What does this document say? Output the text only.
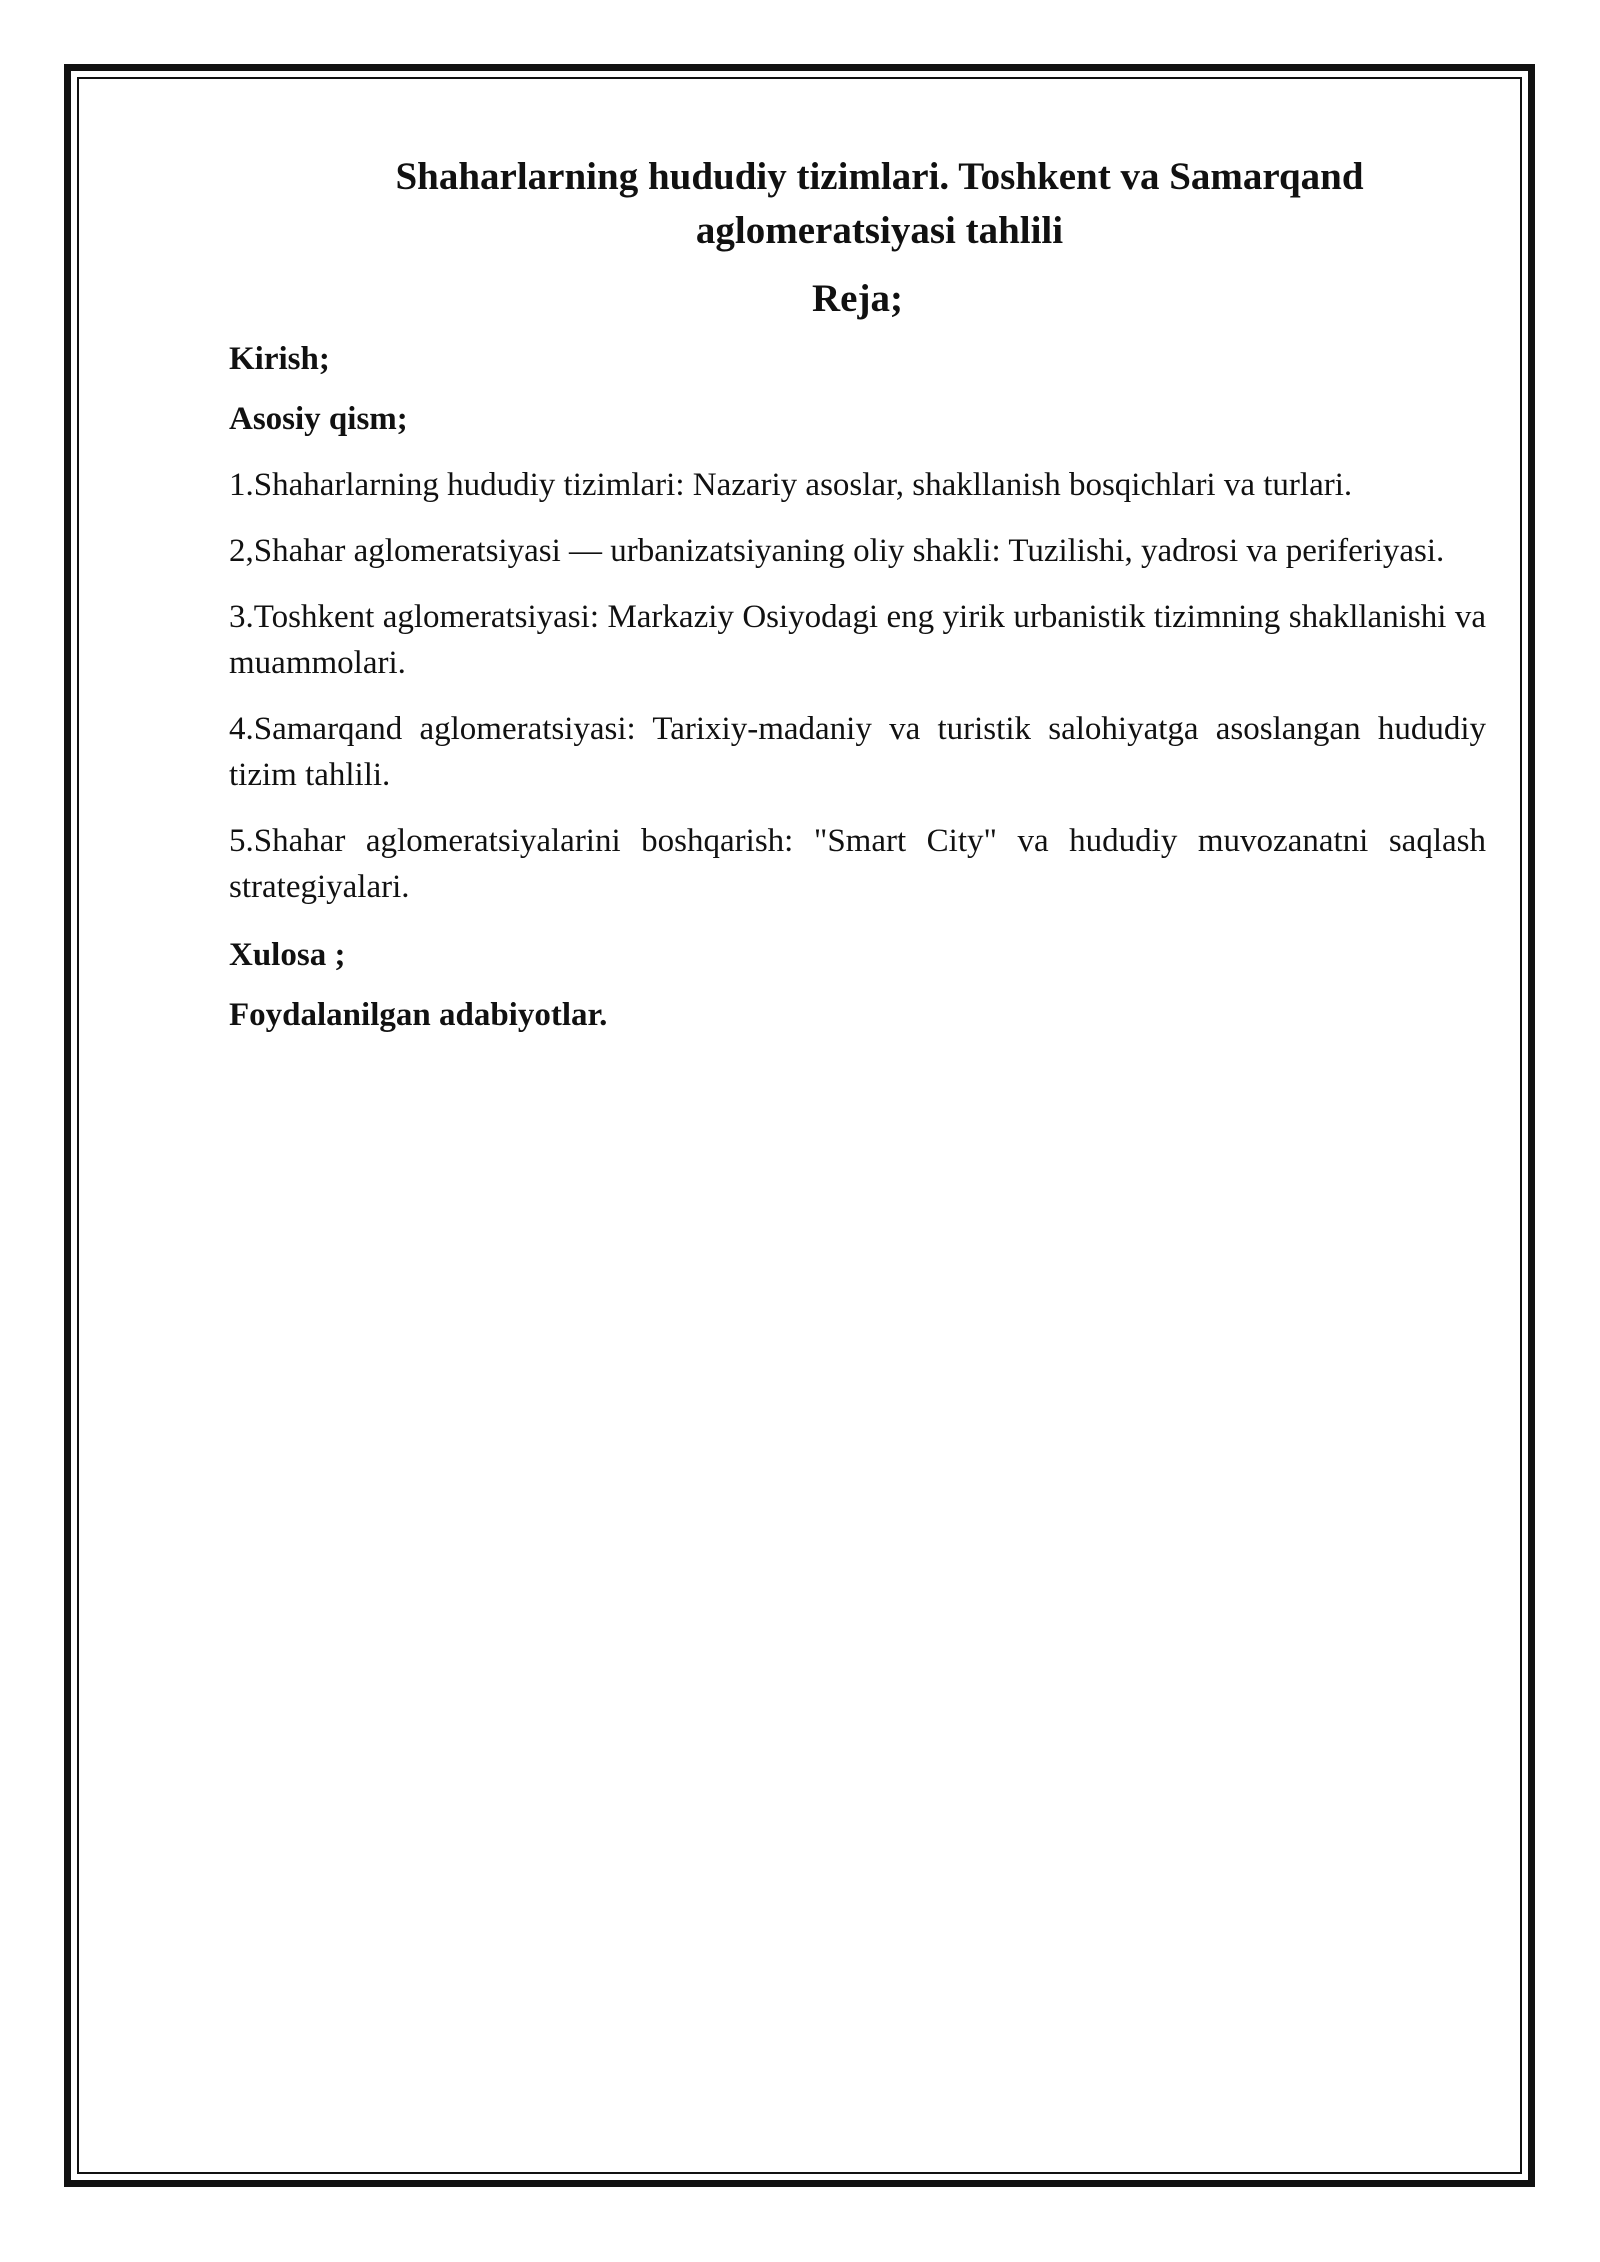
Shaharlarning hududiy tizimlari. Toshkent va Samarqand aglomeratsiyasi tahlili
Reja;

Kirish;

Asosiy qism;

1.Shaharlarning hududiy tizimlari: Nazariy asoslar, shakllanish bosqichlari va turlari.

2,Shahar aglomeratsiyasi — urbanizatsiyaning oliy shakli: Tuzilishi, yadrosi va periferiyasi.

3.Toshkent aglomeratsiyasi: Markaziy Osiyodagi eng yirik urbanistik tizimning shakllanishi va muammolari.

4.Samarqand aglomeratsiyasi: Tarixiy-madaniy va turistik salohiyatga asoslangan hududiy tizim tahlili.

5.Shahar aglomeratsiyalarini boshqarish: "Smart City" va hududiy muvozanatni saqlash strategiyalari.

Xulosa ;

Foydalanilgan adabiyotlar.
